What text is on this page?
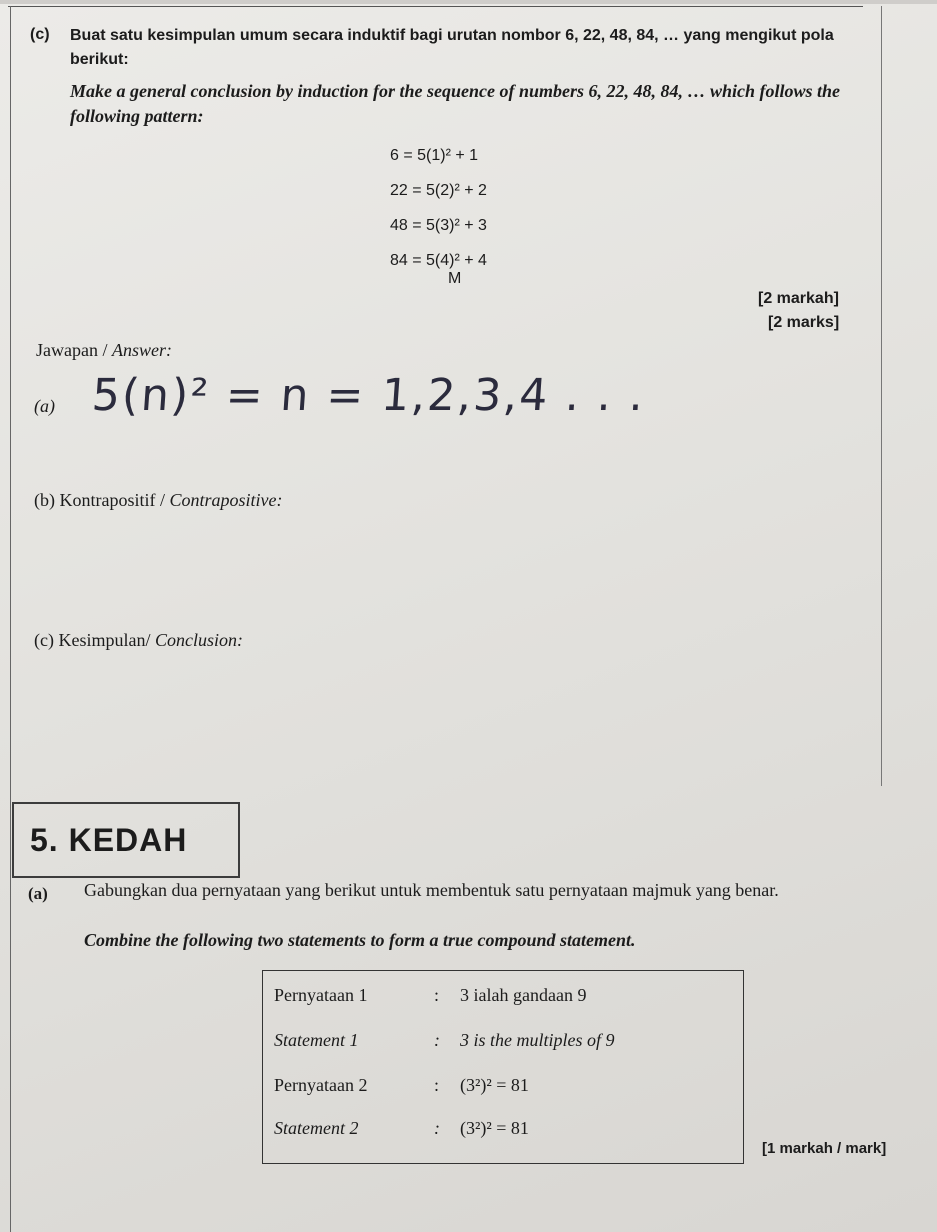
(c) Buat satu kesimpulan umum secara induktif bagi urutan nombor 6, 22, 48, 84, … yang mengikut pola berikut:
Make a general conclusion by induction for the sequence of numbers 6, 22, 48, 84, … which follows the following pattern:
6 = 5(1)² + 1
22 = 5(2)² + 2
48 = 5(3)² + 3
84 = 5(4)² + 4
M
[2 markah]
[2 marks]
Jawapan / Answer:
(a) 5(n)² = n = 1,2,3,4 . . .
(b) Kontrapositif / Contrapositive:
(c) Kesimpulan/ Conclusion:
5. KEDAH
(a) Gabungkan dua pernyataan yang berikut untuk membentuk satu pernyataan majmuk yang benar.
Combine the following two statements to form a true compound statement.
Pernyataan 1	: 3 ialah gandaan 9
Statement 1	: 3 is the multiples of 9
Pernyataan 2	: (3²)² = 81
Statement 2	: (3²)² = 81
[1 markah / mark]
